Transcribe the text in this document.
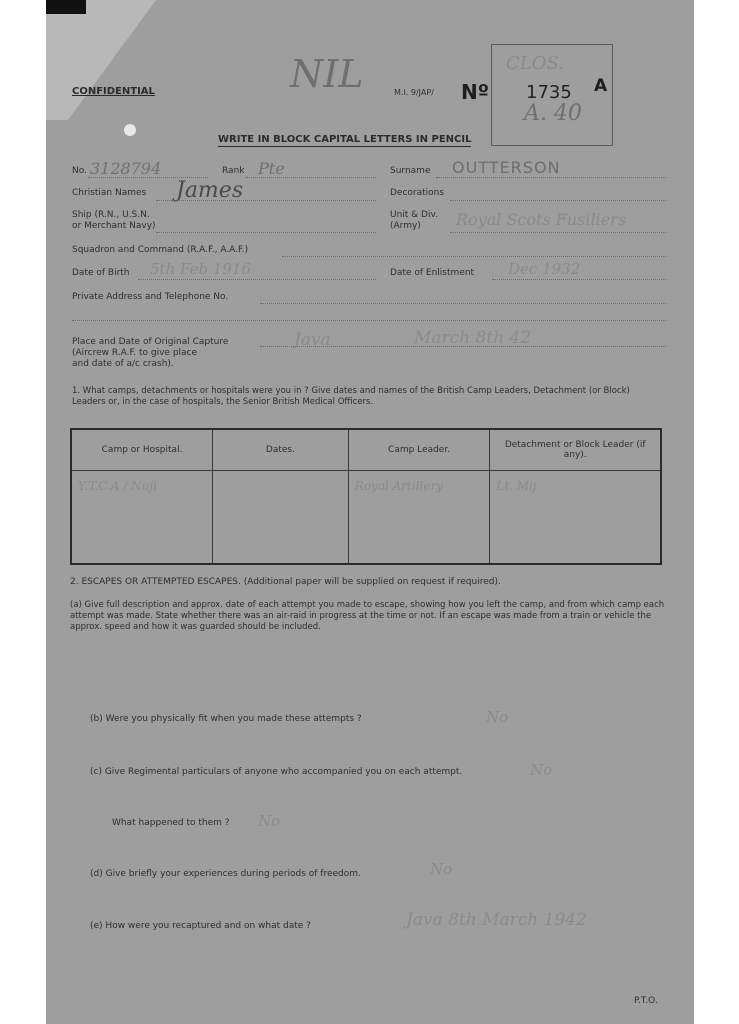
CONFIDENTIAL	NIL	M.I. 9/JAP/ Nº
CLOS.
1735
A. 40
A
WRITE IN BLOCK CAPITAL LETTERS IN PENCIL
No. 3128794	Rank Pte	Surname OUTTERSON
Christian Names James	Decorations
Ship (R.N., U.S.N.
or Merchant Navy)
Unit & Div.
(Army) Royal Scots Fusiliers
Squadron and Command (R.A.F., A.A.F.)
Date of Birth 5th Feb 1916	Date of Enlistment Dec 1932
Private Address and Telephone No.
Place and Date of Original Capture
(Aircrew R.A.F. to give place
and date of a/c crash).
Java	March 8th 42
1. What camps, detachments or hospitals were you in ? Give dates and names of the British Camp Leaders, Detachment (or Block) Leaders or, in the case of hospitals, the Senior British Medical Officers.
Camp or Hospital.	Dates.	Camp Leader.	Detachment or Block Leader (if any).

Y.T.C.A / Nuji		Royal Artillery	Lt. Mij
2. ESCAPES OR ATTEMPTED ESCAPES. (Additional paper will be supplied on request if required).
(a) Give full description and approx. date of each attempt you made to escape, showing how you left the camp, and from which camp each attempt was made. State whether there was an air-raid in progress at the time or not. If an escape was made from a train or vehicle the approx. speed and how it was guarded should be included.
(b) Were you physically fit when you made these attempts ?	No
(c) Give Regimental particulars of anyone who accompanied you on each attempt.	No
What happened to them ? No
(d) Give briefly your experiences during periods of freedom.	No
(e) How were you recaptured and on what date ?	Java 8th March 1942
P.T.O.
